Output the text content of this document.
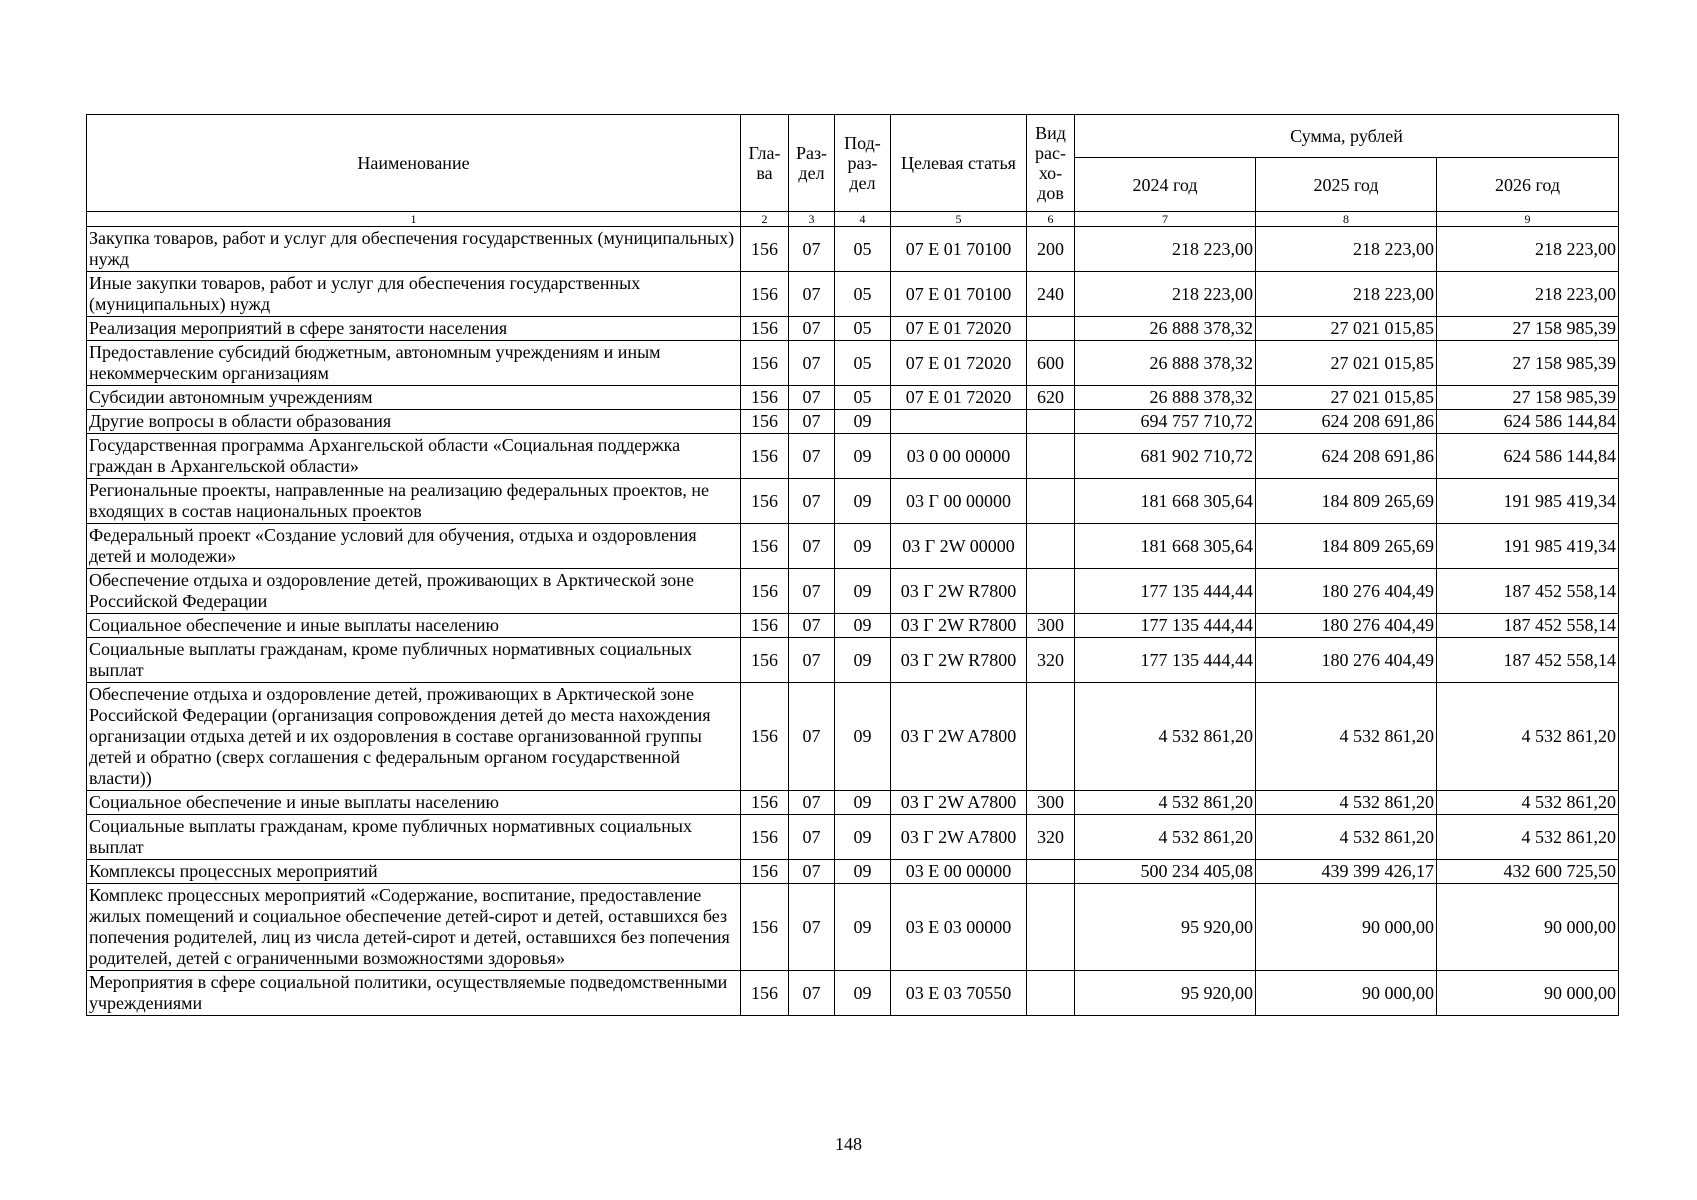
Наименование	Гла-ва	Раз-дел	Под-раз-дел	Целевая статья	Вид рас-хо-дов	Сумма, рублей		
						2024 год	2025 год	2026 год
1	2	3	4	5	6	7	8	9
Закупка товаров, работ и услуг для обеспечения государственных (муниципальных) нужд	156	07	05	07 Е 01 70100	200	218 223,00	218 223,00	218 223,00
Иные закупки товаров, работ и услуг для обеспечения государственных (муниципальных) нужд	156	07	05	07 Е 01 70100	240	218 223,00	218 223,00	218 223,00
Реализация мероприятий в сфере занятости населения	156	07	05	07 Е 01 72020		26 888 378,32	27 021 015,85	27 158 985,39
Предоставление субсидий бюджетным, автономным учреждениям и иным некоммерческим организациям	156	07	05	07 Е 01 72020	600	26 888 378,32	27 021 015,85	27 158 985,39
Субсидии автономным учреждениям	156	07	05	07 Е 01 72020	620	26 888 378,32	27 021 015,85	27 158 985,39
Другие вопросы в области образования	156	07	09			694 757 710,72	624 208 691,86	624 586 144,84
Государственная программа Архангельской области «Социальная поддержка граждан в Архангельской области»	156	07	09	03 0 00 00000		681 902 710,72	624 208 691,86	624 586 144,84
Региональные проекты, направленные на реализацию федеральных проектов, не входящих в состав национальных проектов	156	07	09	03 Г 00 00000		181 668 305,64	184 809 265,69	191 985 419,34
Федеральный проект «Создание условий для обучения, отдыха и оздоровления детей и молодежи»	156	07	09	03 Г 2W 00000		181 668 305,64	184 809 265,69	191 985 419,34
Обеспечение отдыха и оздоровление детей, проживающих в Арктической зоне Российской Федерации	156	07	09	03 Г 2W R7800		177 135 444,44	180 276 404,49	187 452 558,14
Социальное обеспечение и иные выплаты населению	156	07	09	03 Г 2W R7800	300	177 135 444,44	180 276 404,49	187 452 558,14
Социальные выплаты гражданам, кроме публичных нормативных социальных выплат	156	07	09	03 Г 2W R7800	320	177 135 444,44	180 276 404,49	187 452 558,14
Обеспечение отдыха и оздоровление детей, проживающих в Арктической зоне Российской Федерации (организация сопровождения детей до места нахождения организации отдыха детей и их оздоровления в составе организованной группы детей и обратно (сверх соглашения с федеральным органом государственной власти))	156	07	09	03 Г 2W A7800		4 532 861,20	4 532 861,20	4 532 861,20
Социальное обеспечение и иные выплаты населению	156	07	09	03 Г 2W A7800	300	4 532 861,20	4 532 861,20	4 532 861,20
Социальные выплаты гражданам, кроме публичных нормативных социальных выплат	156	07	09	03 Г 2W A7800	320	4 532 861,20	4 532 861,20	4 532 861,20
Комплексы процессных мероприятий	156	07	09	03 Е 00 00000		500 234 405,08	439 399 426,17	432 600 725,50
Комплекс процессных мероприятий «Содержание, воспитание, предоставление жилых помещений и социальное обеспечение детей-сирот и детей, оставшихся без попечения родителей, лиц из числа детей-сирот и детей, оставшихся без попечения родителей, детей с ограниченными возможностями здоровья»	156	07	09	03 Е 03 00000		95 920,00	90 000,00	90 000,00
Мероприятия в сфере социальной политики, осуществляемые подведомственными учреждениями	156	07	09	03 Е 03 70550		95 920,00	90 000,00	90 000,00
148
